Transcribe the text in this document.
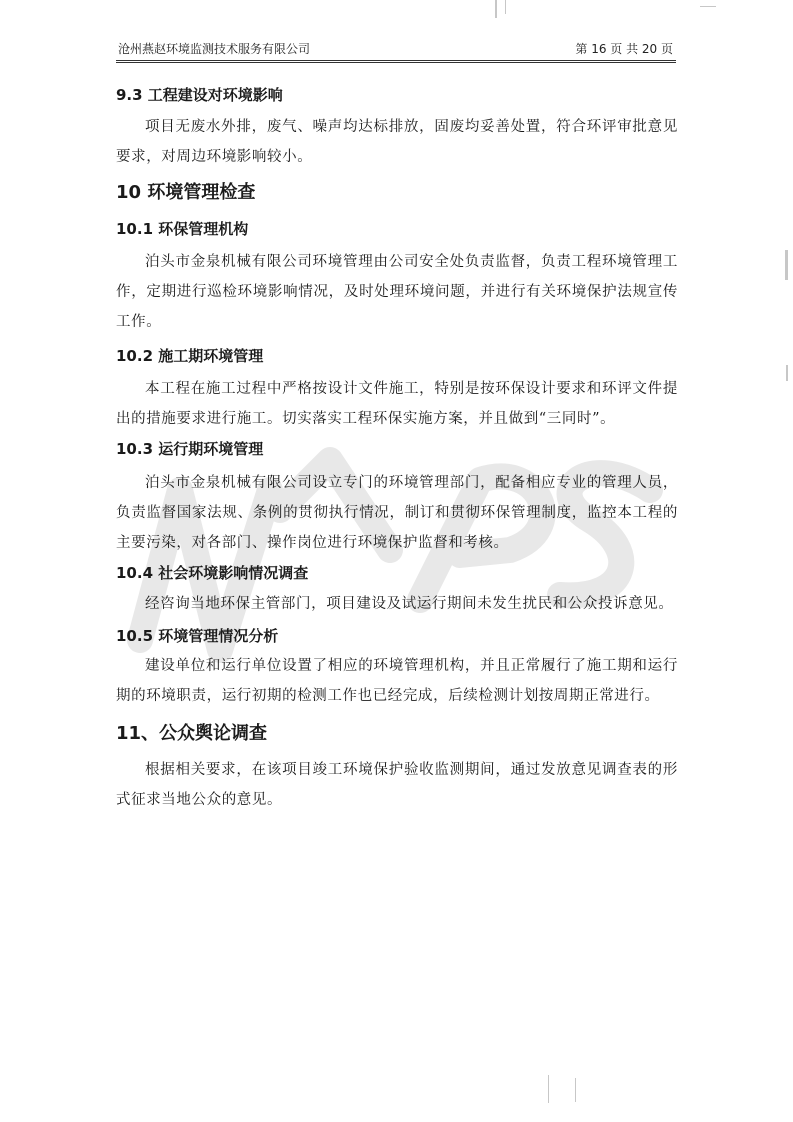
沧州燕赵环境监测技术服务有限公司	第 16 页 共 20 页
9.3 工程建设对环境影响

项目无废水外排，废气、噪声均达标排放，固废均妥善处置，符合环评审批意见要求，对周边环境影响较小。

10 环境管理检查
10.1 环保管理机构

泊头市金泉机械有限公司环境管理由公司安全处负责监督，负责工程环境管理工作，定期进行巡检环境影响情况，及时处理环境问题，并进行有关环境保护法规宣传工作。

10.2 施工期环境管理

本工程在施工过程中严格按设计文件施工，特别是按环保设计要求和环评文件提出的措施要求进行施工。切实落实工程环保实施方案，并且做到“三同时”。

10.3 运行期环境管理

泊头市金泉机械有限公司设立专门的环境管理部门，配备相应专业的管理人员，负责监督国家法规、条例的贯彻执行情况，制订和贯彻环保管理制度，监控本工程的主要污染，对各部门、操作岗位进行环境保护监督和考核。

10.4 社会环境影响情况调查

经咨询当地环保主管部门，项目建设及试运行期间未发生扰民和公众投诉意见。

10.5 环境管理情况分析

建设单位和运行单位设置了相应的环境管理机构，并且正常履行了施工期和运行期的环境职责，运行初期的检测工作也已经完成，后续检测计划按周期正常进行。

11、公众舆论调查

根据相关要求，在该项目竣工环境保护验收监测期间，通过发放意见调查表的形式征求当地公众的意见。
